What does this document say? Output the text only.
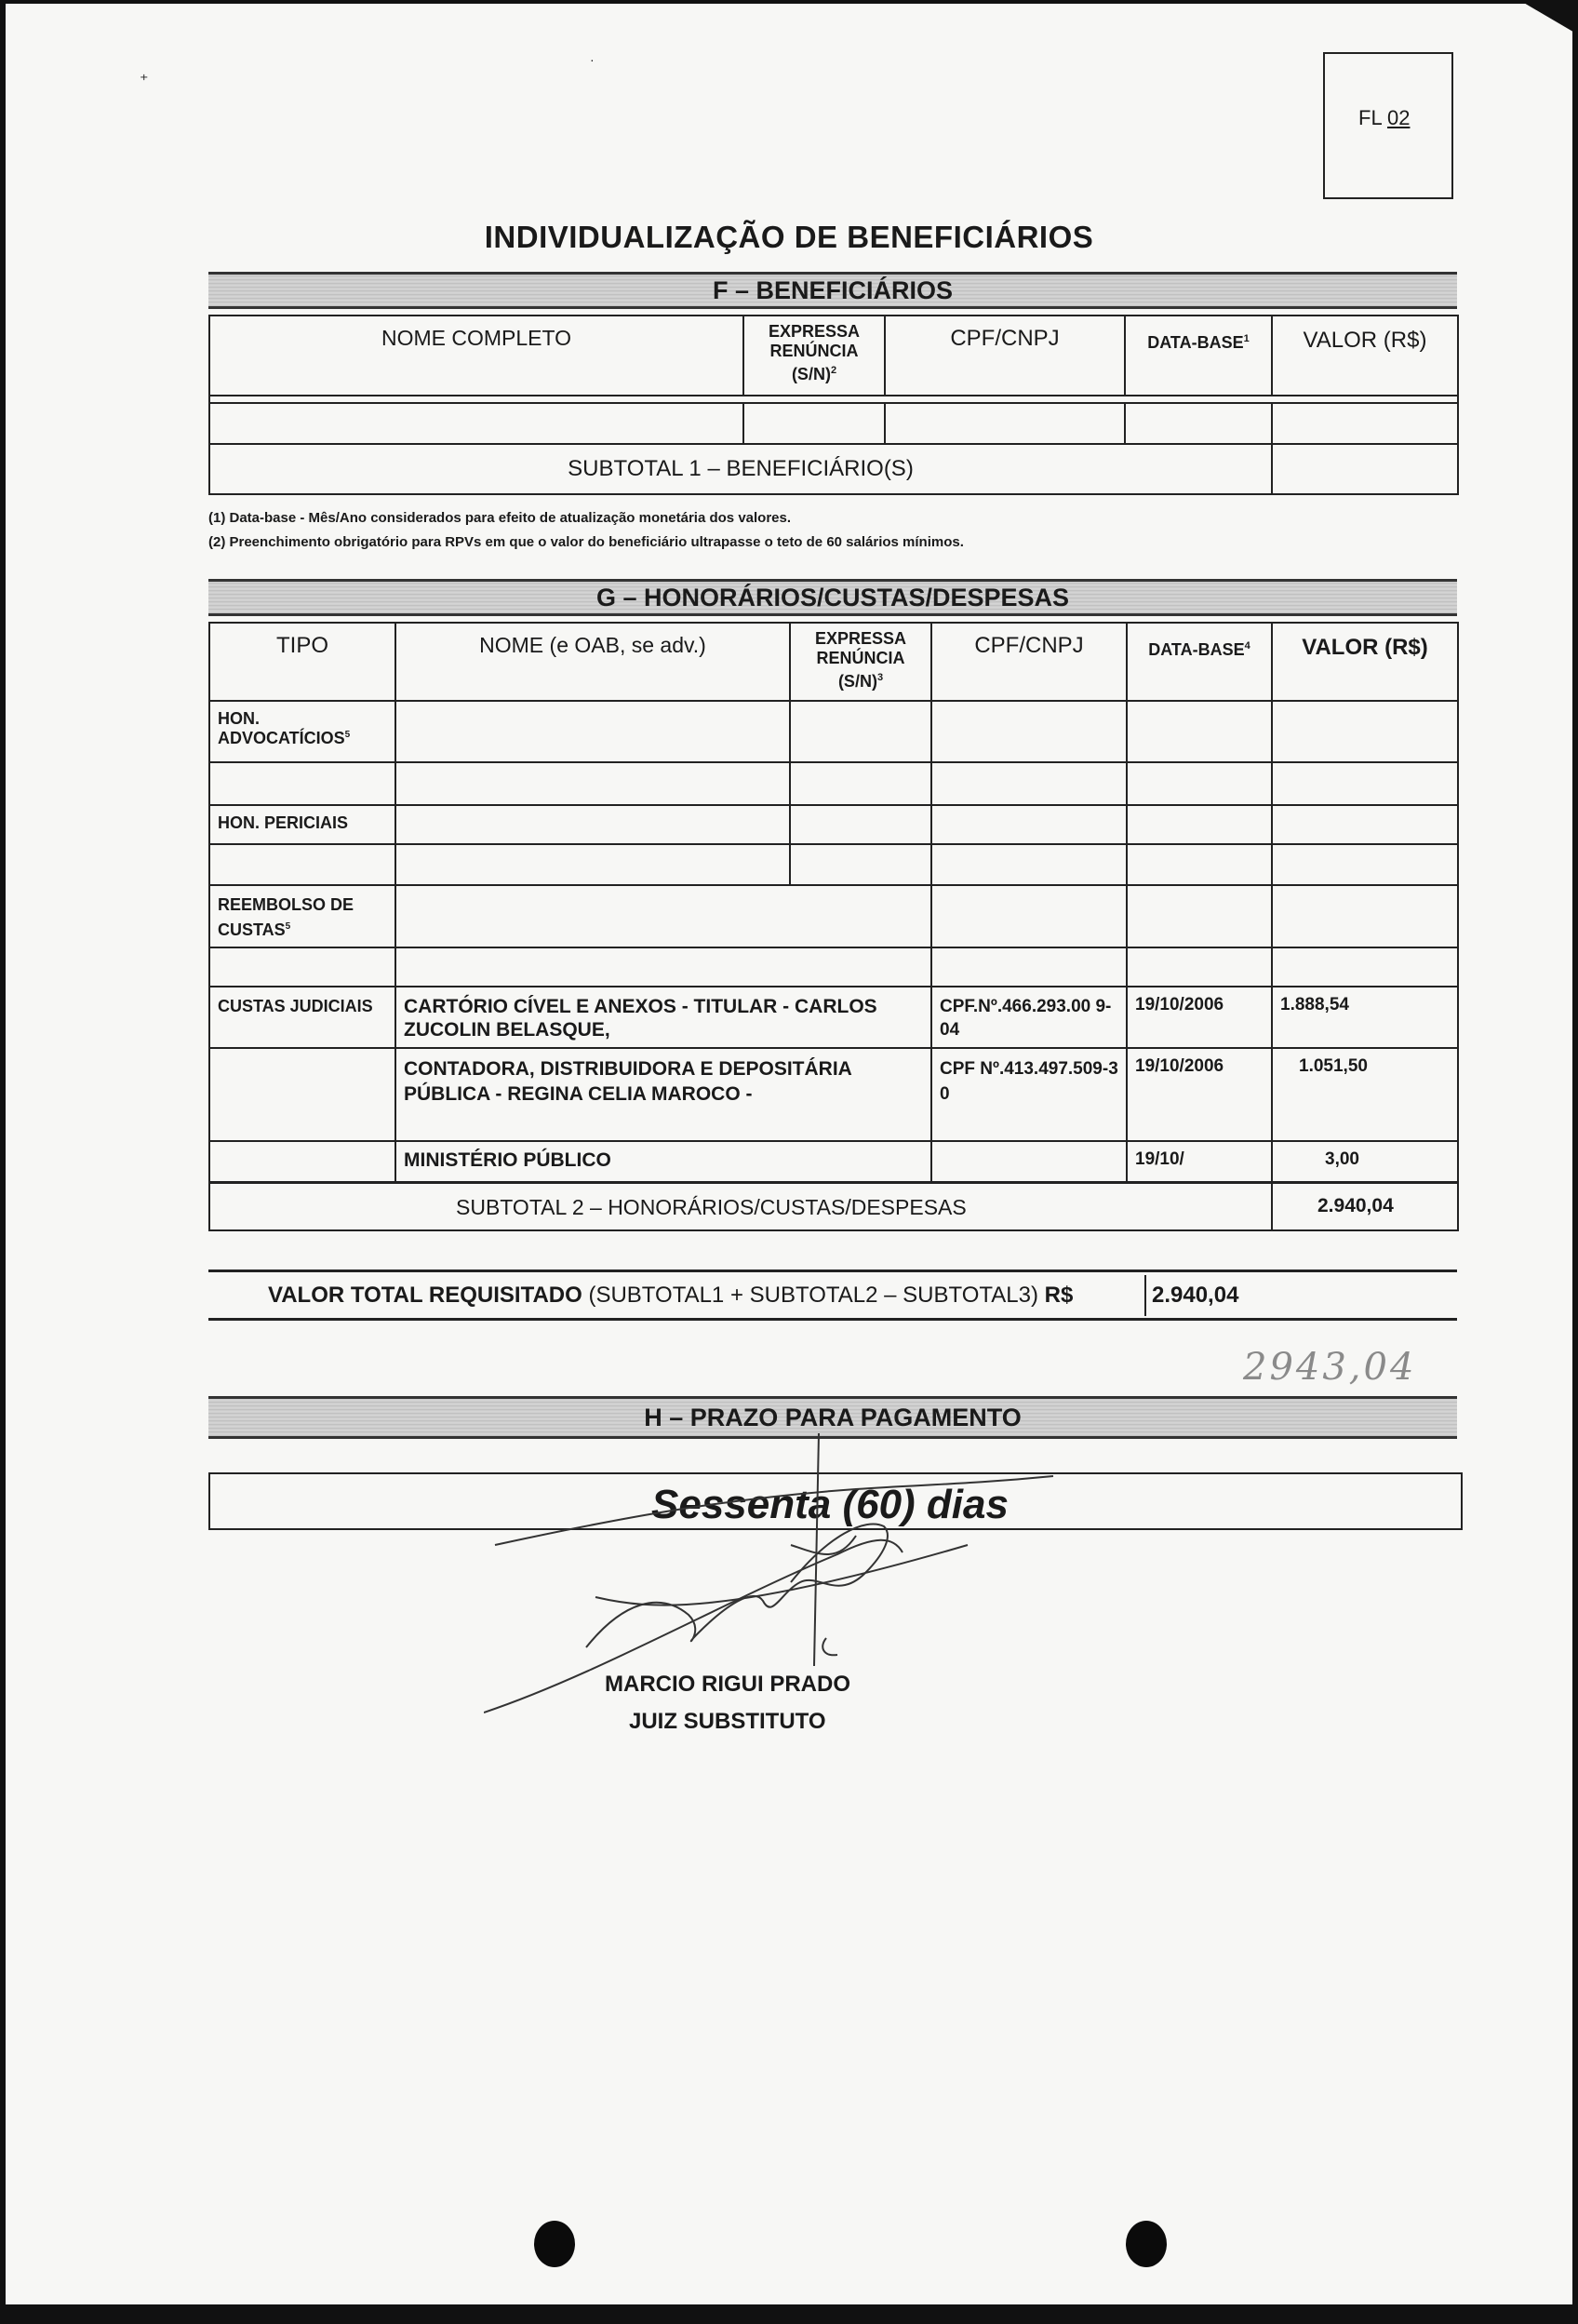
FL 02
⁺
·
INDIVIDUALIZAÇÃO DE BENEFICIÁRIOS
F – BENEFICIÁRIOS
NOME COMPLETO	EXPRESSA RENÚNCIA $(S/N)^2$	CPF/CNPJ	DATA-BASE$^1$	VALOR (R$)

SUBTOTAL 1 – BENEFICIÁRIO(S)				
(1) Data-base - Mês/Ano considerados para efeito de atualização monetária dos valores.
(2) Preenchimento obrigatório para RPVs em que o valor do beneficiário ultrapasse o teto de 60 salários mínimos.
G – HONORÁRIOS/CUSTAS/DESPESAS
TIPO	NOME (e OAB, se adv.)	EXPRESSA RENÚNCIA $(S/N)^3$	CPF/CNPJ	DATA-BASE$^4$	VALOR (R$)
HON. ADVOCATÍCIOS$^5$					

HON. PERICIAIS					

REEMBOLSO DE CUSTAS$^5$				

CUSTAS JUDICIAIS	CARTÓRIO CÍVEL E ANEXOS - TITULAR - CARLOS ZUCOLIN BELASQUE,		CPF.Nº.466.293.00 9-04	19/10/2006	1.888,54
	CONTADORA, DISTRIBUIDORA E DEPOSITÁRIA PÚBLICA - REGINA CELIA MAROCO -		CPF Nº.413.497.509-30	19/10/2006	1.051,50
	MINISTÉRIO PÚBLICO			19/10/	3,00
SUBTOTAL 2 – HONORÁRIOS/CUSTAS/DESPESAS					2.940,04
VALOR TOTAL REQUISITADO (SUBTOTAL1 + SUBTOTAL2 – SUBTOTAL3) R$	2.940,04
2943,04
H – PRAZO PARA PAGAMENTO
Sessenta (60) dias
MARCIO RIGUI PRADO
JUIZ SUBSTITUTO
